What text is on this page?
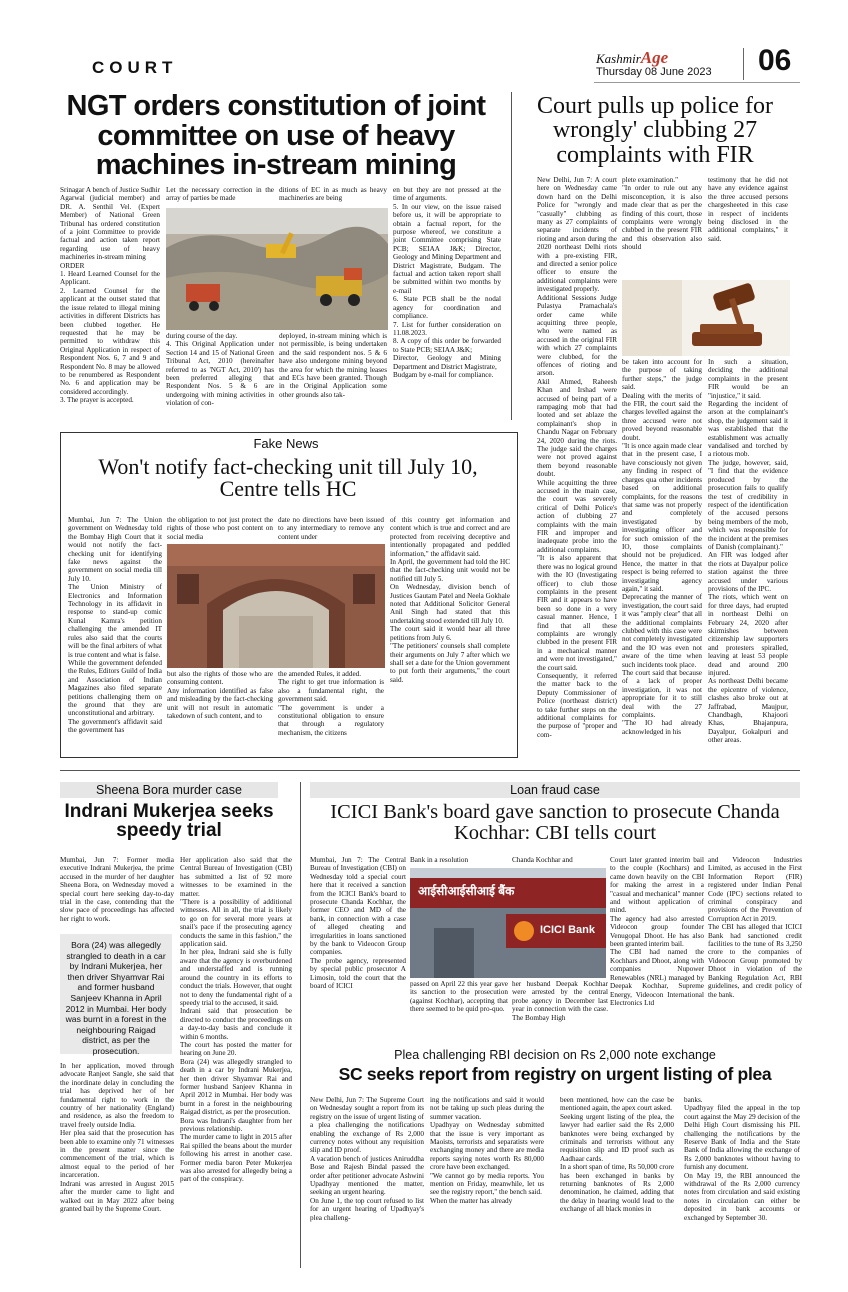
COURT	KashmirAge
Thursday 08 June 2023 06
NGT orders constitution of joint committee on use of heavy machines in-stream mining
Srinagar A bench of Justice Sudhir Agarwal (judicial member) and DR. A. Senthil Vel. (Expert Member) of National Green Tribunal has ordered constitution of a joint Committee to provide factual and action taken report regarding use of heavy machineries in-stream mining
ORDER
1. Heard Learned Counsel for the Applicant.
2. Learned Counsel for the applicant at the outset stated that the issue related to illegal mining activities in different Districts has been clubbed together. He requested that he may be permitted to withdraw this Original Application in respect of Respondent Nos. 6, 7 and 9 and Respondent No. 8 may be allowed to be renumbered as Respondent No. 6 and application may be considered accordingly.
3. The prayer is accepted.
Let the necessary correction in the array of parties be made
ditions of EC in as much as heavy machineries are being
during course of the day.
4. This Original Application under Section 14 and 15 of National Green Tribunal Act, 2010 (hereinafter referred to as 'NGT Act, 2010') has been preferred alleging that Respondent Nos. 5 & 6 are undergoing with mining activities in violation of con-
deployed, in-stream mining which is not permissible, is being undertaken and the said respondent nos. 5 & 6 have also undergone mining beyond the area for which the mining leases and ECs have been granted. Though in the Original Application some other grounds also tak-
en but they are not pressed at the time of arguments.
5. In our view, on the issue raised before us, it will be appropriate to obtain a factual report, for the purpose whereof, we constitute a joint Committee comprising State PCB; SEIAA J&K; Director, Geology and Mining Department and District Magistrate, Budgam. The factual and action taken report shall be submitted within two months by e-mail
6. State PCB shall be the nodal agency for coordination and compliance.
7. List for further consideration on 11.08.2023.
8. A copy of this order be forwarded to State PCB; SEIAA J&K;
Director, Geology and Mining Department and District Magistrate,
Budgam by e-mail for compliance.
Court pulls up police for wrongly' clubbing 27 complaints with FIR
New Delhi, Jun 7: A court here on Wednesday came down hard on the Delhi Police for "wrongly and "casually" clubbing as many as 27 complaints of separate incidents of rioting and arson during the 2020 northeast Delhi riots with a pre-existing FIR, and directed a senior police officer to ensure the additional complaints were investigated properly.
Additional Sessions Judge Pulastya Pramachala's order came while acquitting three people, who were named as accused in the original FIR with which 27 complaints were clubbed, for the offences of rioting and arson.
Akil Ahmed, Raheesh Khan and Irshad were accused of being part of a rampaging mob that had looted and set ablaze the complainant's shop in Chandu Nagar on February 24, 2020 during the riots. The judge said the charges were not proved against them beyond reasonable doubt.
While acquitting the three accused in the main case, the court was severely critical of Delhi Police's action of clubbing 27 complaints with the main FIR and improper and inadequate probe into the additional complaints.
"It is also apparent that there was no logical ground with the IO (Investigating officer) to club those complaints in the present FIR and it appears to have been so done in a very casual manner. Hence, I find that all these complaints are wrongly clubbed in the present FIR in a mechanical manner and were not investigated," the court said.
Consequently, it referred the matter back to the Deputy Commissioner of Police (northeast district) to take further steps on the additional complaints for the purpose of "proper and com-
plete examination."
"In order to rule out any misconception, it is also made clear that as per the finding of this court, those complaints were wrongly clubbed in the present FIR and this observation also should
testimony that he did not have any evidence against the three accused persons chargesheeted in this case in respect of incidents being disclosed in the additional complaints," it said.
be taken into account for the purpose of taking further steps," the judge said.
Dealing with the merits of the FIR, the court said the charges levelled against the three accused were not proved beyond reasonable doubt.
"It is once again made clear that in the present case, I have consciously not given any finding in respect of charges qua other incidents based on additional complaints, for the reasons that same was not properly and completely investigated by investigating officer and for such omission of the IO, those complaints should not be prejudiced. Hence, the matter in that respect is being referred to investigating agency again," it said.
Deprecating the manner of investigation, the court said it was "amply clear" that all the additional complaints clubbed with this case were not completely investigated and the IO was even not aware of the time when such incidents took place.
The court said that because of a lack of proper investigation, it was not appropriate for it to still deal with the 27 complaints.
"The IO had already acknowledged in his
In such a situation, deciding the additional complaints in the present FIR would be an "injustice," it said.
Regarding the incident of arson at the complainant's shop, the judgement said it was established that the establishment was actually vandalised and torched by a riotous mob.
The judge, however, said, "I find that the evidence produced by the prosecution fails to qualify the test of credibility in respect of the identification of the accused persons being members of the mob, which was responsible for the incident at the premises of Danish (complainant)."
An FIR was lodged after the riots at Dayalpur police station against the three accused under various provisions of the IPC.
The riots, which went on for three days, had erupted in northeast Delhi on February 24, 2020 after skirmishes between citizenship law supporters and protesters spiralled, leaving at least 53 people dead and around 200 injured.
As northeast Delhi became the epicentre of violence, clashes also broke out at Jaffrabad, Maujpur, Chandbagh, Khajoori Khas, Bhajanpura, Dayalpur, Gokalpuri and other areas.
Fake News
Won't notify fact-checking unit till July 10, Centre tells HC
Mumbai, Jun 7: The Union government on Wednesday told the Bombay High Court that it would not notify the fact-checking unit for identifying fake news against the government on social media till July 10.
The Union Ministry of Electronics and Information Technology in its affidavit in response to stand-up comic Kunal Kamra's petition challenging the amended IT rules also said that the courts will be the final arbiters of what is true content and what is false.
While the government defended the Rules, Editors Guild of India and Association of Indian Magazines also filed separate petitions challenging them on the ground that they are unconstitutional and arbitrary.
The government's affidavit said the government has
the obligation to not just protect the rights of those who post content on social media
date no directions have been issued to any intermediary to remove any content under
but also the rights of those who are consuming content.
Any information identified as false and misleading by the fact-checking unit will not result in automatic takedown of such content, and to
the amended Rules, it added.
The right to get true information is also a fundamental right, the government said.
"The government is under a constitutional obligation to ensure that through a regulatory mechanism, the citizens
of this country get information and content which is true and correct and are protected from receiving deceptive and intentionally propagated and peddled information," the affidavit said.
In April, the government had told the HC that the fact-checking unit would not be notified till July 5.
On Wednesday, division bench of Justices Gautam Patel and Neela Gokhale noted that Additional Solicitor General Anil Singh had stated that this undertaking stood extended till July 10.
The court said it would hear all three petitions from July 6.
"The petitioners' counsels shall complete their arguments on July 7 after which we shall set a date for the Union government to put forth their arguments," the court said.
Sheena Bora murder case
Indrani Mukerjea seeks speedy trial
Mumbai, Jun 7: Former media executive Indrani Mukerjea, the prime accused in the murder of her daughter Sheena Bora, on Wednesday moved a special court here seeking day-to-day trial in the case, contending that the slow pace of proceedings has affected her right to work.
Bora (24) was allegedly strangled to death in a car by Indrani Mukerjea, her then driver Shyamvar Rai and former husband Sanjeev Khanna in April 2012 in Mumbai. Her body was burnt in a forest in the neighbouring Raigad district, as per the prosecution.
In her application, moved through advocate Ranjeet Sangle, she said that the inordinate delay in concluding the trial has deprived her of her fundamental right to work in the country of her nationality (England) and residence, as also the freedom to travel freely outside India.
Her plea said that the prosecution has been able to examine only 71 witnesses in the present matter since the commencement of the trial, which is almost equal to the period of her incarceration.
Indrani was arrested in August 2015 after the murder came to light and walked out in May 2022 after being granted bail by the Supreme Court.
Her application also said that the Central Bureau of Investigation (CBI) has submitted a list of 92 more witnesses to be examined in the matter.
"There is a possibility of additional witnesses. All in all, the trial is likely to go on for several more years at snail's pace if the prosecuting agency conducts the same in this fashion," the application said.
In her plea, Indrani said she is fully aware that the agency is overburdened and understaffed and is running around the country in its efforts to conduct the trials. However, that ought not to deny the fundamental right of a speedy trial to the accused, it said.
Indrani said that prosecution be directed to conduct the proceedings on a day-to-day basis and conclude it within 6 months.
The court has posted the matter for hearing on June 20.
Bora (24) was allegedly strangled to death in a car by Indrani Mukerjea, her then driver Shyamvar Rai and former husband Sanjeev Khanna in April 2012 in Mumbai. Her body was burnt in a forest in the neighbouring Raigad district, as per the prosecution.
Bora was Indrani's daughter from her previous relationship.
The murder came to light in 2015 after Rai spilled the beans about the murder following his arrest in another case. Former media baron Peter Mukerjea was also arrested for allegedly being a part of the conspiracy.
Loan fraud case
ICICI Bank's board gave sanction to prosecute Chanda Kochhar: CBI tells court
Mumbai, Jun 7: The Central Bureau of Investigation (CBI) on Wednesday told a special court here that it received a sanction from the ICICI Bank's board to prosecute Chanda Kochhar, the former CEO and MD of the bank, in connection with a case of alleged cheating and irregularities in loans sanctioned by the bank to Videocon Group companies.
The probe agency, represented by special public prosecutor A Limosin, told the court that the board of ICICI
Bank in a resolution	Chanda Kochhar and
आईसीआईसीआई बैंक
ICICI Bank
passed on April 22 this year gave its sanction to the prosecution (against Kochhar), accepting that there seemed to be quid pro-quo.
her husband Deepak Kochhar were arrested by the central probe agency in December last year in connection with the case. The Bombay High
Court later granted interim bail to the couple (Kochhars) and came down heavily on the CBI for making the arrest in a "casual and mechanical" manner and without application of mind.
The agency had also arrested Videocon group founder Venugopal Dhoot. He has also been granted interim bail.
The CBI had named the Kochhars and Dhoot, along with companies Nupower Renewables (NRL) managed by Deepak Kochhar, Supreme Energy, Videocon International Electronics Ltd
and Videocon Industries Limited, as accused in the First Information Report (FIR) registered under Indian Penal Code (IPC) sections related to criminal conspiracy and provisions of the Prevention of Corruption Act in 2019.
The CBI has alleged that ICICI Bank had sanctioned credit facilities to the tune of Rs 3,250 crore to the companies of Videocon Group promoted by Dhoot in violation of the Banking Regulation Act, RBI guidelines, and credit policy of the bank.
Plea challenging RBI decision on Rs 2,000 note exchange
SC seeks report from registry on urgent listing of plea
New Delhi, Jun 7: The Supreme Court on Wednesday sought a report from its registry on the issue of urgent listing of a plea challenging the notifications enabling the exchange of Rs 2,000 currency notes without any requisition slip and ID proof.
A vacation bench of justices Aniruddha Bose and Rajesh Bindal passed the order after petitioner advocate Ashwini Upadhyay mentioned the matter, seeking an urgent hearing.
On June 1, the top court refused to list for an urgent hearing of Upadhyay's plea challeng-
ing the notifications and said it would not be taking up such pleas during the summer vacation.
Upadhyay on Wednesday submitted that the issue is very important as Maoists, terrorists and separatists were exchanging money and there are media reports saying notes worth Rs 80,000 crore have been exchanged.
"We cannot go by media reports. You mention on Friday, meanwhile, let us see the registry report," the bench said.
When the matter has already
been mentioned, how can the case be mentioned again, the apex court asked.
Seeking urgent listing of the plea, the lawyer had earlier said the Rs 2,000 banknotes were being exchanged by criminals and terrorists without any requisition slip and ID proof such as Aadhaar cards.
In a short span of time, Rs 50,000 crore has been exchanged in banks by returning banknotes of Rs 2,000 denomination, he claimed, adding that the delay in hearing would lead to the exchange of all black monies in
banks.
Upadhyay filed the appeal in the top court against the May 29 decision of the Delhi High Court dismissing his PIL challenging the notifications by the Reserve Bank of India and the State Bank of India allowing the exchange of Rs 2,000 banknotes without having to furnish any document.
On May 19, the RBI announced the withdrawal of the Rs 2,000 currency notes from circulation and said existing notes in circulation can either be deposited in bank accounts or exchanged by September 30.
